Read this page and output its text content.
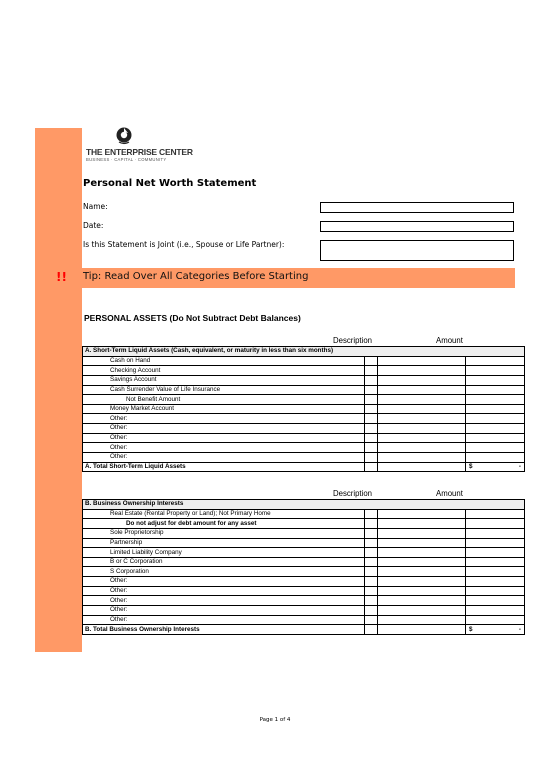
THE ENTERPRISE CENTER
BUSINESS · CAPITAL · COMMUNITY
Personal Net Worth Statement
Name:
Date:
Is this Statement is Joint (i.e., Spouse or Life Partner):
!! Tip: Read Over All Categories Before Starting
PERSONAL ASSETS (Do Not Subtract Debt Balances)
Description	Amount
A. Short-Term Liquid Assets (Cash, equivalent, or maturity in less than six months)			
Cash on Hand			
Checking Account			
Savings Account			
Cash Surrender Value of Life Insurance			
Not Benefit Amount			
Money Market Account			
Other:			
Other:			
Other:			
Other:			
Other:			
A. Total Short-Term Liquid Assets			$ -
Description	Amount
B. Business Ownership Interests			
Real Estate (Rental Property or Land); Not Primary Home			
Do not adjust for debt amount for any asset			
Sole Proprietorship			
Partnership			
Limited Liability Company			
B or C Corporation			
S Corporation			
Other:			
Other:			
Other:			
Other:			
Other:			
B. Total Business Ownership Interests			$ -
Page 1 of 4
